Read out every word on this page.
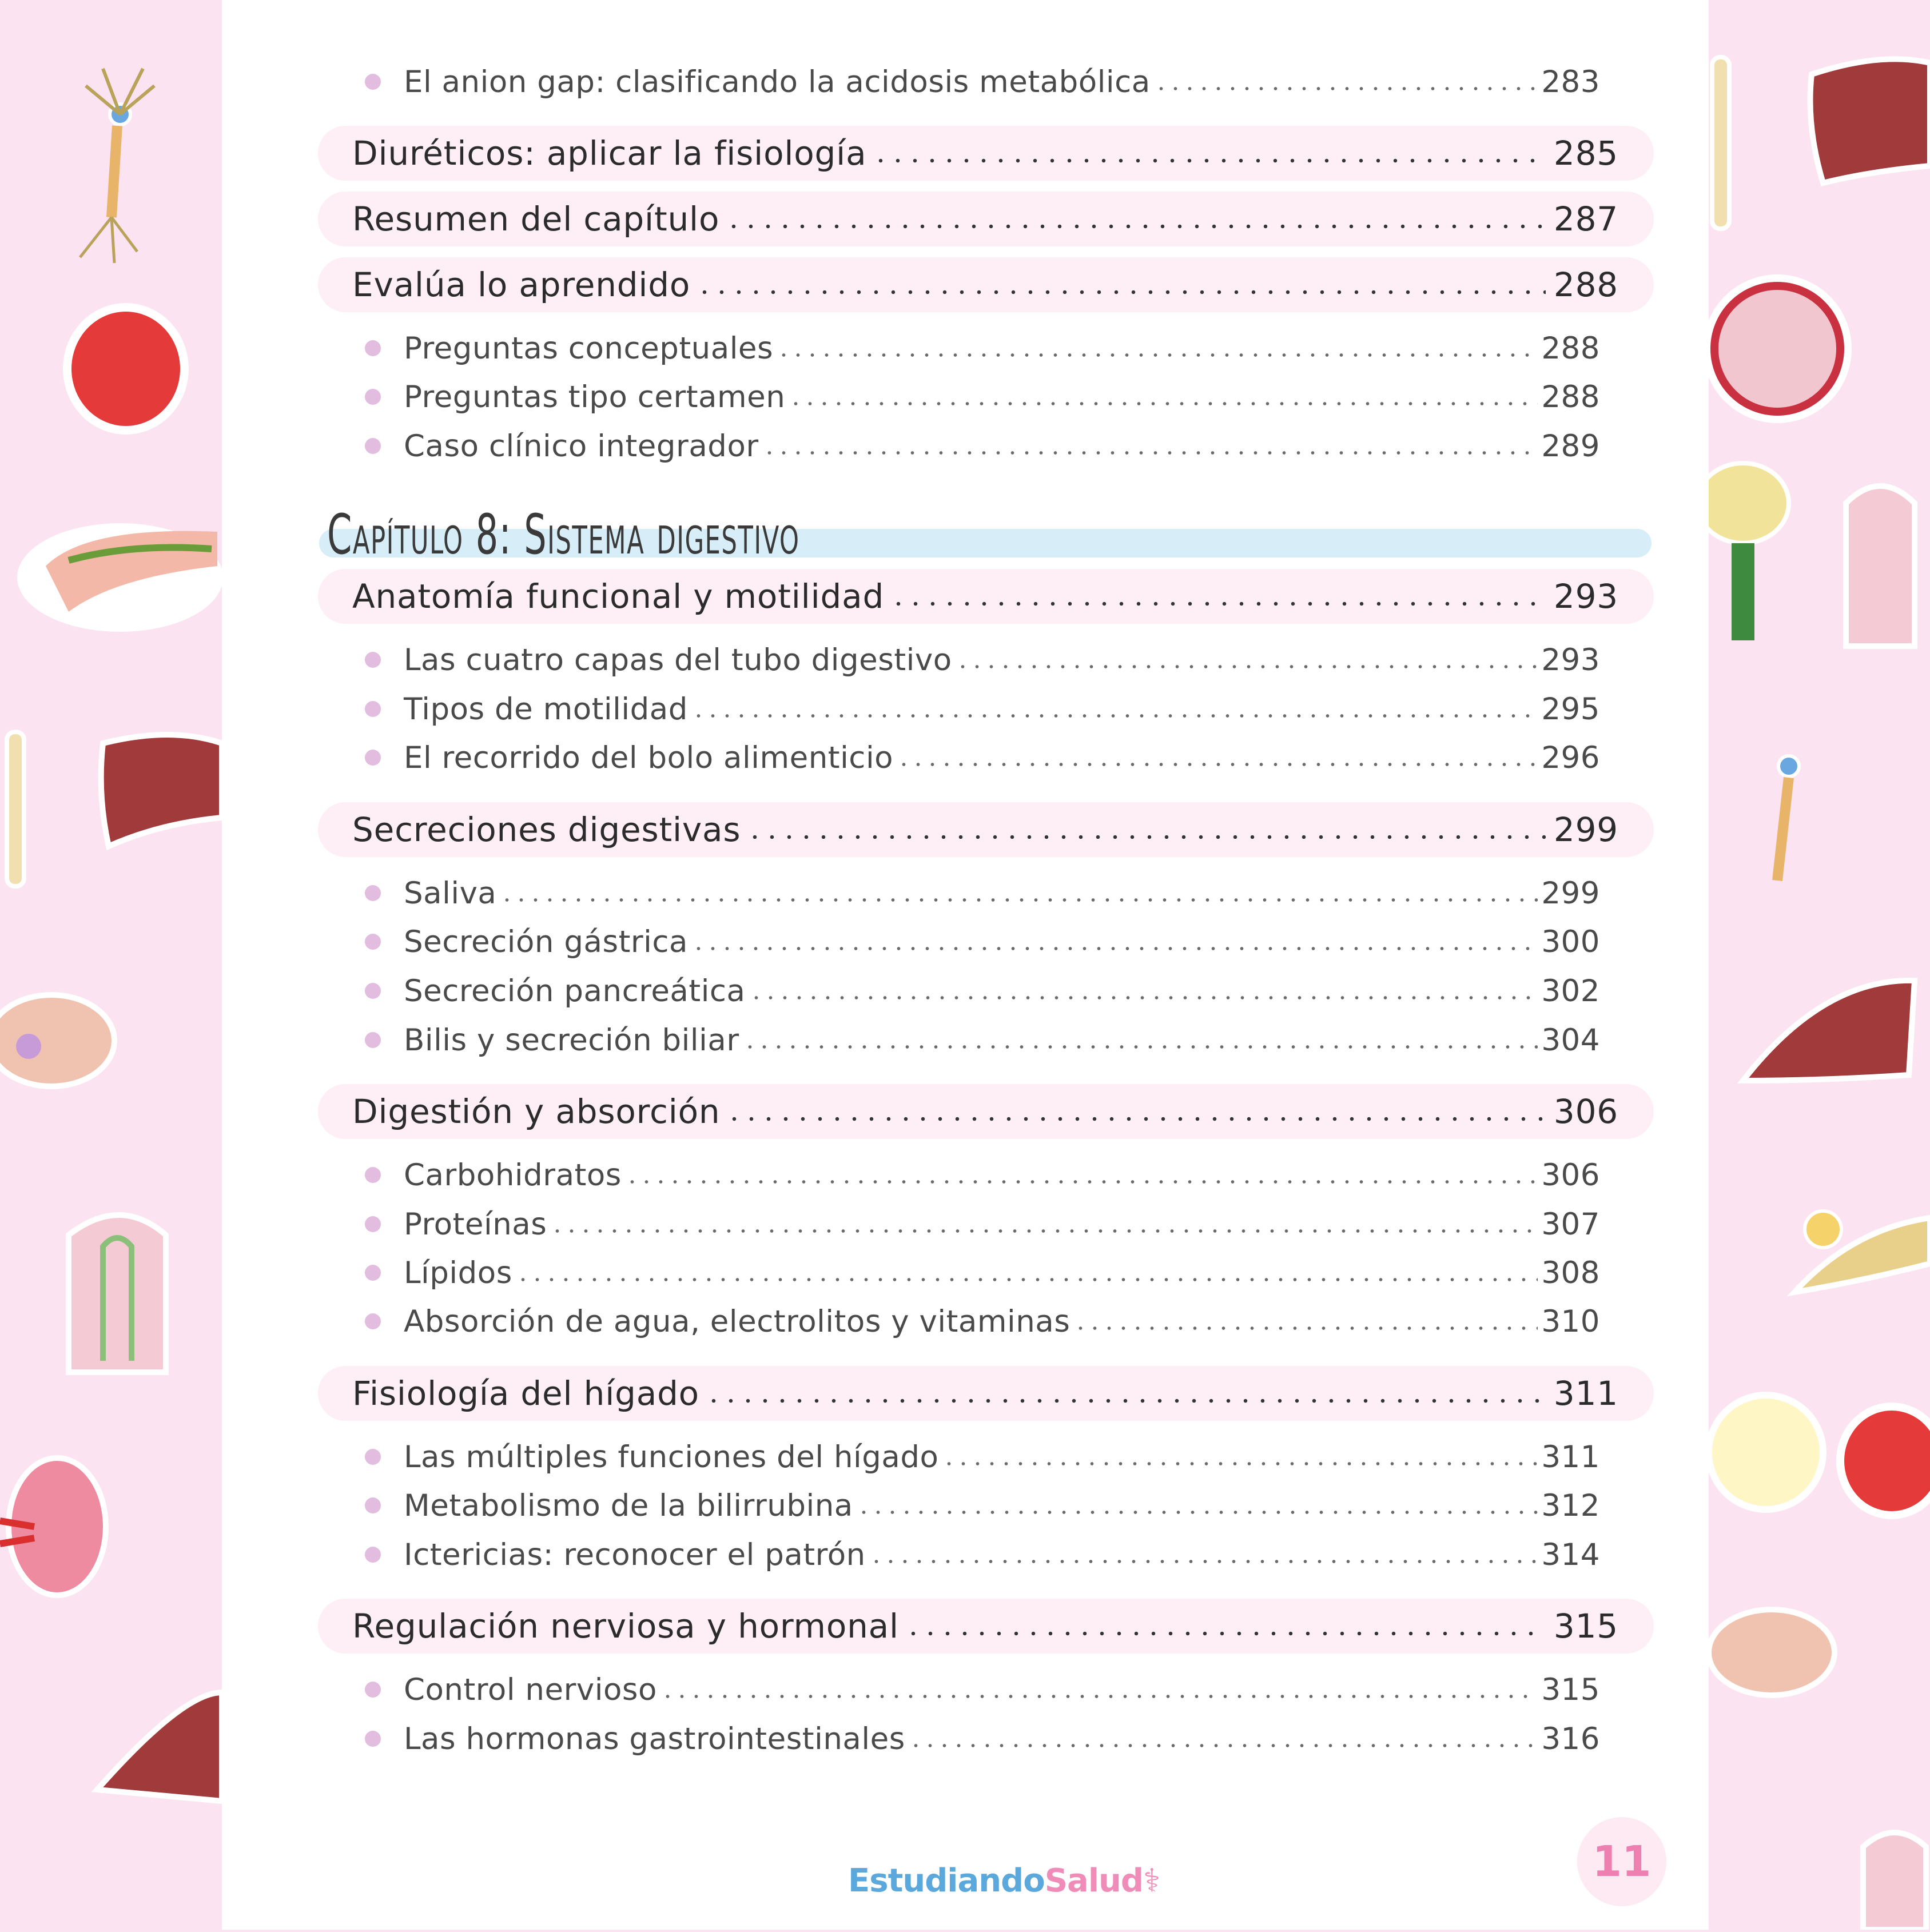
El anion gap: clasificando la acidosis metabólica	283
Diuréticos: aplicar la fisiología	285
Resumen del capítulo	287
Evalúa lo aprendido	288
Preguntas conceptuales	288
Preguntas tipo certamen	288
Caso clínico integrador	289
Capítulo 8: Sistema digestivo
Anatomía funcional y motilidad	293
Las cuatro capas del tubo digestivo	293
Tipos de motilidad	295
El recorrido del bolo alimenticio	296
Secreciones digestivas	299
Saliva	299
Secreción gástrica	300
Secreción pancreática	302
Bilis y secreción biliar	304
Digestión y absorción	306
Carbohidratos	306
Proteínas	307
Lípidos	308
Absorción de agua, electrolitos y vitaminas	310
Fisiología del hígado	311
Las múltiples funciones del hígado	311
Metabolismo de la bilirrubina	312
Ictericias: reconocer el patrón	314
Regulación nerviosa y hormonal	315
Control nervioso	315
Las hormonas gastrointestinales	316
EstudiandoSalud⚕	11
